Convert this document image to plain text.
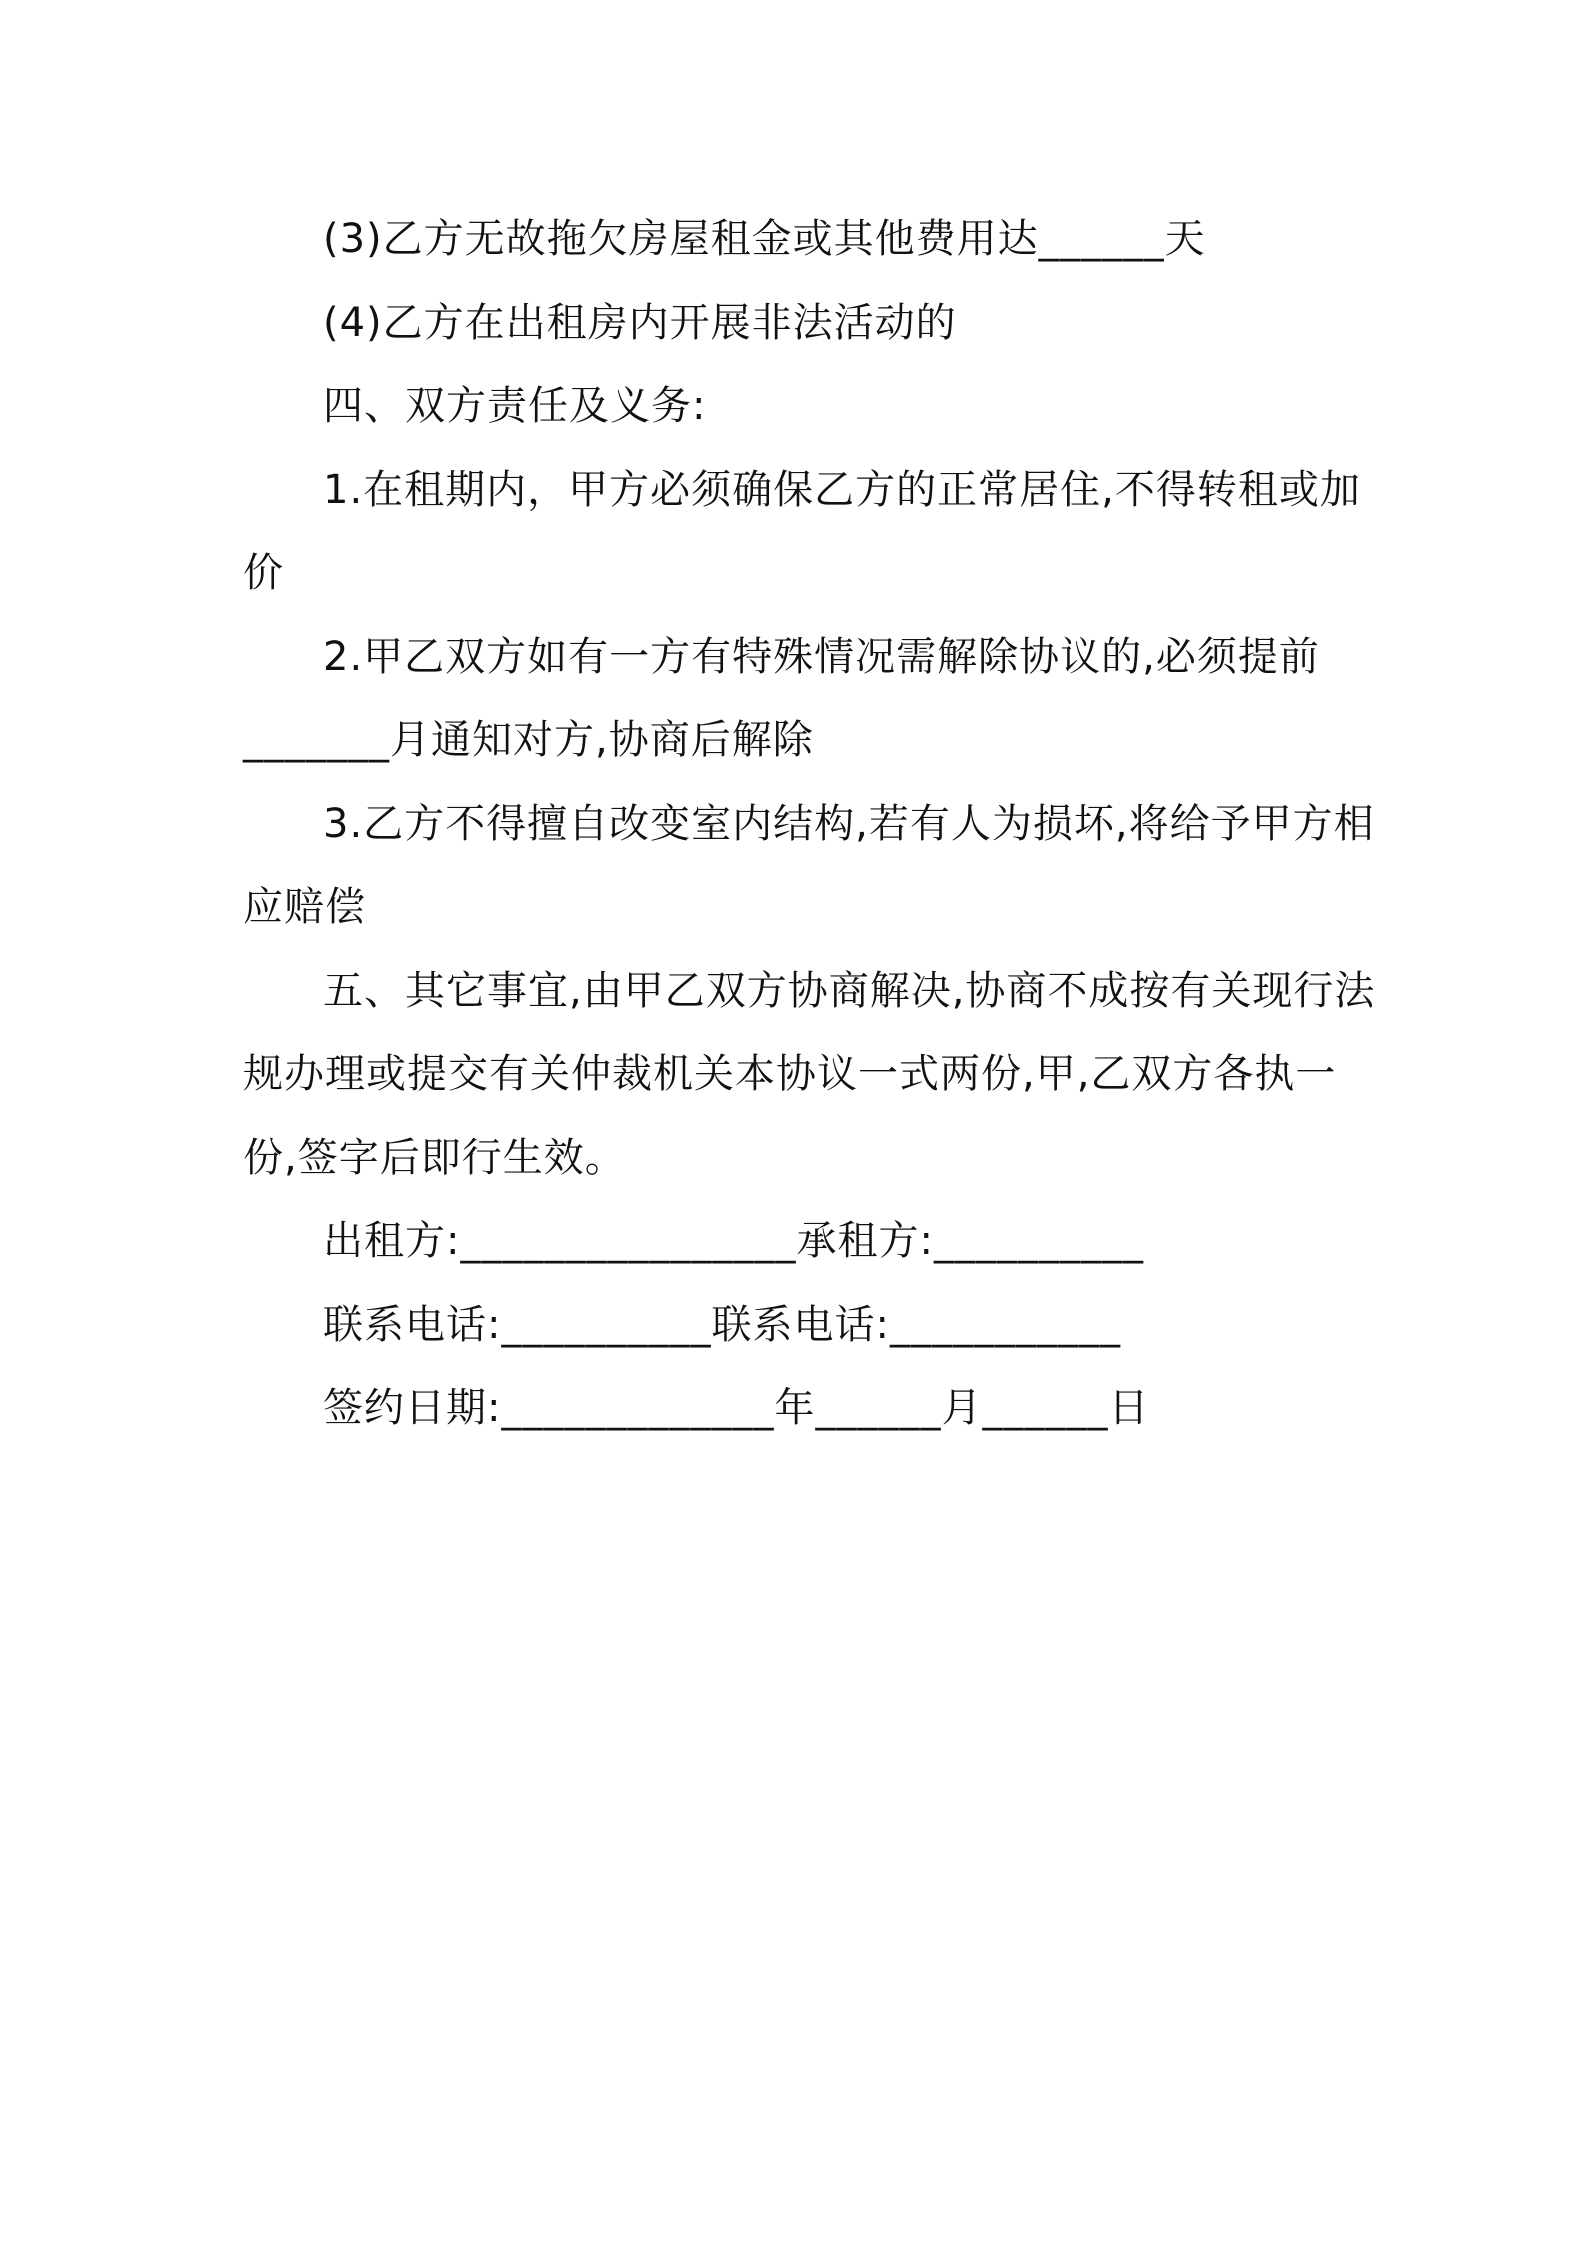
(3)乙方无故拖欠房屋租金或其他费用达______天
(4)乙方在出租房内开展非法活动的
四、双方责任及义务:
1.在租期内，甲方必须确保乙方的正常居住,不得转租或加
价
2.甲乙双方如有一方有特殊情况需解除协议的,必须提前
_______月通知对方,协商后解除
3.乙方不得擅自改变室内结构,若有人为损坏,将给予甲方相
应赔偿
五、其它事宜,由甲乙双方协商解决,协商不成按有关现行法
规办理或提交有关仲裁机关本协议一式两份,甲,乙双方各执一
份,签字后即行生效。
出租方:________________承租方:__________
联系电话:__________联系电话:___________
签约日期:_____________年______月______日
